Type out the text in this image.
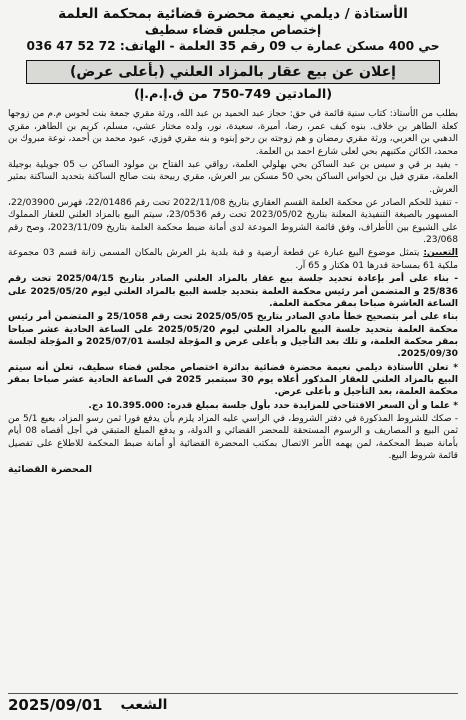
الأستاذة / ديلمي نعيمة محضرة قضائية بمحكمة العلمة
إختصاص مجلس قضاء سطيف
حي 400 مسكن عمارة ب 09 رقم 35 العلمة - الهاتف: 72 52 47 036
إعلان عن بيع عقار بالمزاد العلني (بأعلى عرض)
(المادتين 749-750 من ق.إ.م.إ)

بطلب من الأستاذ: كتاب سنية قائمة في حق: حجاز عبد الحميد بن عبد الله، ورثة مقري جمعة بنت لحوس م.م من زوجها كعلة الطاهر بن خلاف. بنوه كيف عمر، رضا، أميرة، سعيدة، نور، ولده مختار عشي، مسلم، كريم بن الطاهر، مقري الدهبي بن العربي، ورثة مقري رمضان و هم زوجته بن رحو إبنوه و بنه مقري فوزي، عبود محمد بن أحمد، نوعة مبروك بن محمد، الكائن مكتبهم بحي لعلى شارع احمد بن العلمة.

- يفيد بر قي و سيس بن عبد الساكن بحي بهلولي العلمة، رواقي عبد الفتاح بن مولود الساكن ب 05 جويلية بوجيلة العلمة، مقري فيل بن لحواس الساكن بحي 50 مسكن بير العرش، مقري ربيحة بنت صالح الساكنة بتحديد الساكنة بمثير العرش.

- تنفيذ للحكم الصادر عن محكمة العلمة القسم العقاري بتاريخ 2022/11/08 تحت رقم 22/01486، فهرس 22/03900، المسهور بالصيغة التنفيذية المعلنة بتاريخ 2023/05/02 تحت رقم 23/0536، سيتم البيع بالمزاد العلني للعقار المملوك على الشيوع بين الأطراف، وفق قائمة الشروط المودعة لدى أمانة ضبط محكمة العلمة بتاريخ 2023/11/09، وصح رقم 23/068.

التعيين: يتمثل موضوع البيع عبارة عن قطعة أرضية و قبة بلدية بئر العرش بالمكان المسمى زانة قسم 03 مجموعة ملكية 61 بمساحة قدرها 01 هكتار و 65 آر.

- بناء على أمر بإعادة تحديد جلسة بيع عقار بالمزاد العلني الصادر بتاريخ 2025/04/15 تحت رقم 25/836 و المتضمن أمر رئيس محكمة العلمة بتحديد جلسة البيع بالمزاد العلني ليوم 2025/05/20 على الساعة العاشرة صباحا بمقر محكمة العلمة.

بناء على أمر بتصحيح خطأ مادي الصادر بتاريخ 2025/05/05 تحت رقم 25/1058 و المتضمن أمر رئيس محكمة العلمة بتحديد جلسة البيع بالمزاد العلني ليوم 2025/05/20 على الساعة الحادية عشر صباحا بمقر محكمة العلمة، و تلك بعد التأجيل و بأعلى عرض و المؤجلة لجلسة 2025/07/01 و المؤجلة لجلسة 2025/09/30.

* تعلن الأستاذة ديلمي نعيمة محضرة قضائية بدائرة اختصاص مجلس قضاء سطيف، تعلن أنه سيتم البيع بالمزاد العلني للعقار المذكور أعلاه يوم 30 سبتمبر 2025 في الساعة الحادية عشر صباحا بمقر محكمة العلمة، بعد التأجيل و بأعلى عرض.

* علما و أن السعر الافتتاحي للمزايدة حدد بأول جلسة بمبلغ قدره: 10.395.000 دج.

- صكك للشروط المذكورة في دفتر الشروط، في الراسي عليه المزاد يلزم بأن يدفع فورا ثمن رسو المزاد، بعيع 5/1 من ثمن البيع و المصاريف و الرسوم المستحقة للمحضر القضائي و الدولة، و يدفع المبلغ المتبقي في أجل أقصاه 08 أيام بأمانة ضبط المحكمة، لمن يهمه الأمر الاتصال بمكتب المحضرة القضائية أو أمانة ضبط المحكمة للاطلاع على تفصيل قائمة شروط البيع.

المحضرة القضائية
الشعب
2025/09/01
